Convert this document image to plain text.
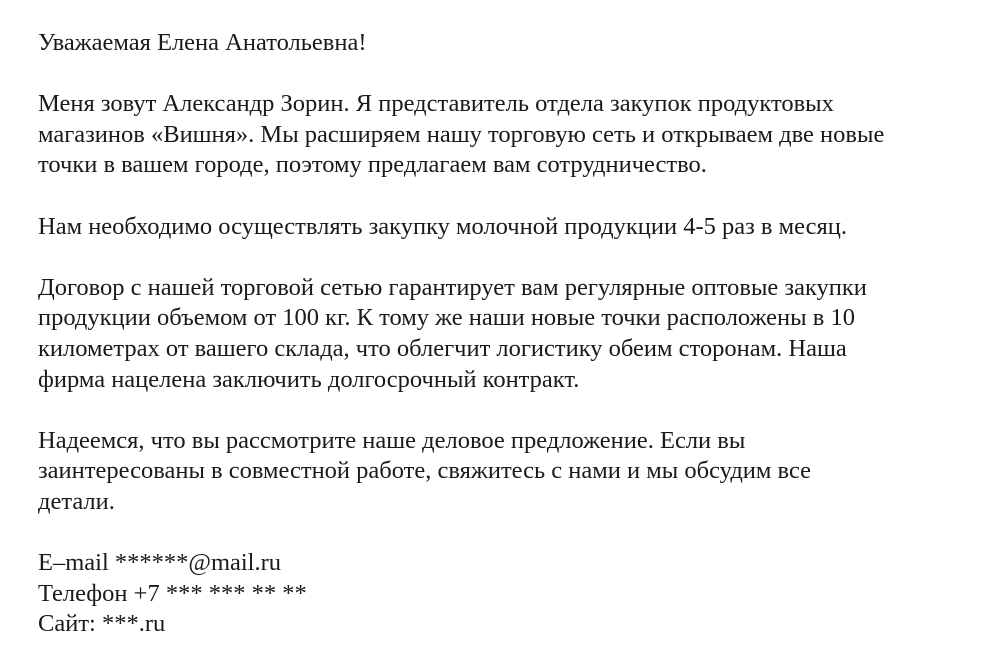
Уважаемая Елена Анатольевна!
Меня зовут Александр Зорин. Я представитель отдела закупок продуктовых
магазинов «Вишня». Мы расширяем нашу торговую сеть и открываем две новые
точки в вашем городе, поэтому предлагаем вам сотрудничество.
Нам необходимо осуществлять закупку молочной продукции 4-5 раз в месяц.
Договор с нашей торговой сетью гарантирует вам регулярные оптовые закупки
продукции объемом от 100 кг. К тому же наши новые точки расположены в 10
километрах от вашего склада, что облегчит логистику обеим сторонам. Наша
фирма нацелена заключить долгосрочный контракт.
Надеемся, что вы рассмотрите наше деловое предложение. Если вы
заинтересованы в совместной работе, свяжитесь с нами и мы обсудим все
детали.
E–mail ******@mail.ru
Телефон +7 *** *** ** **
Сайт: ***.ru
